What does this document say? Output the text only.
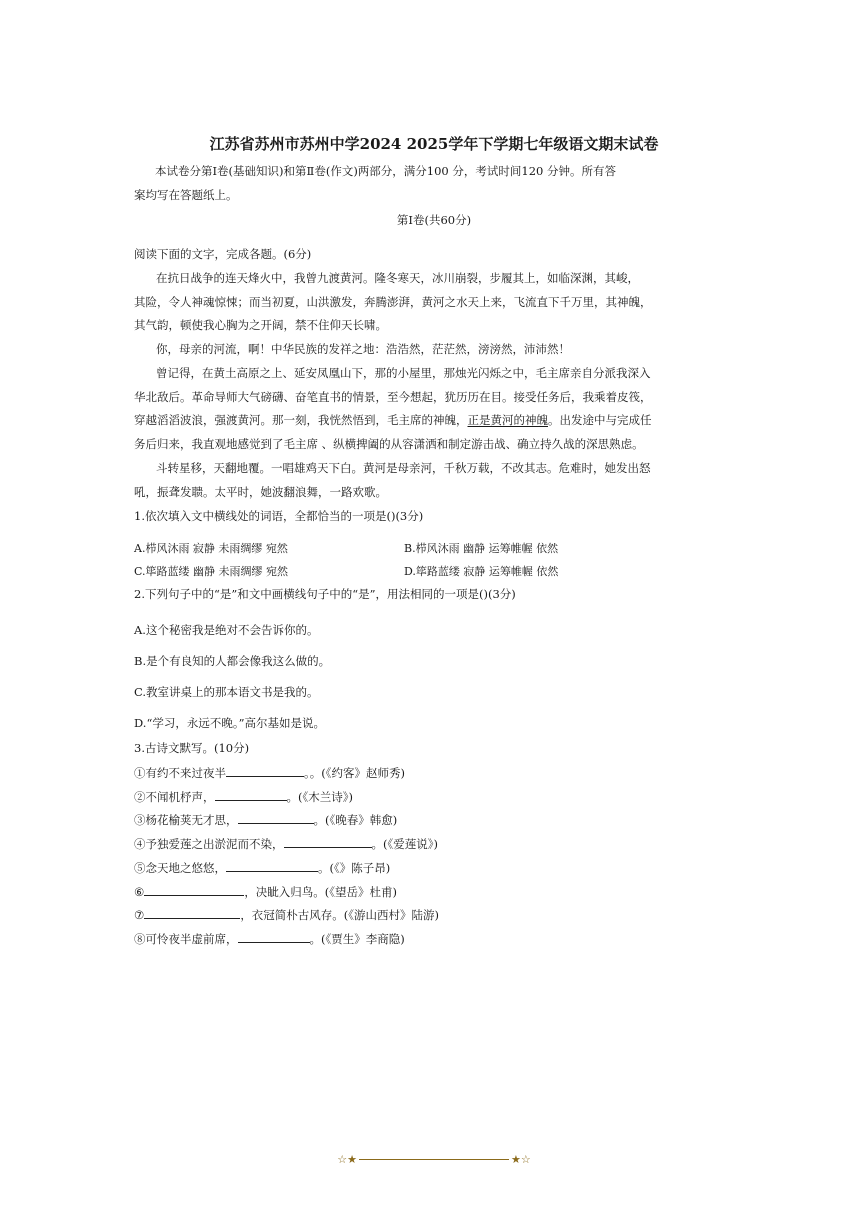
江苏省苏州市苏州中学2024 2025学年下学期七年级语文期末试卷
本试卷分第Ⅰ卷(基础知识)和第Ⅱ卷(作文)两部分，满分100 分，考试时间120 分钟。所有答
案均写在答题纸上。
第Ⅰ卷(共60分)
阅读下面的文字，完成各题。(6分)
在抗日战争的连天烽火中，我曾九渡黄河。隆冬寒天，冰川崩裂，步履其上，如临深渊，其峻，
其险，令人神魂惊悚；而当初夏，山洪激发，奔腾澎湃，黄河之水天上来，飞流直下千万里，其神魄，
其气韵，顿使我心胸为之开阔，禁不住仰天长啸。
你，母亲的河流，啊！中华民族的发祥之地：浩浩然，茫茫然，滂滂然，沛沛然！
曾记得，在黄土高原之上、延安凤凰山下，那的小屋里，那烛光闪烁之中，毛主席亲自分派我深入
华北敌后。革命导师大气磅礴、奋笔直书的情景，至今想起，犹历历在目。接受任务后，我乘着皮筏，
穿越滔滔波浪，强渡黄河。那一刻，我恍然悟到，毛主席的神魄，正是黄河的神魄。出发途中与完成任
务后归来，我直观地感觉到了毛主席 、纵横捭阖的从容潇洒和制定游击战、确立持久战的深思熟虑。
斗转星移，天翻地覆。一唱雄鸡天下白。黄河是母亲河，千秋万载，不改其志。危难时，她发出怒
吼，振聋发聩。太平时，她波翻浪舞，一路欢歌。
1.依次填入文中横线处的词语，全都恰当的一项是()(3分)
A.栉风沐雨 寂静 未雨绸缪 宛然	B.栉风沐雨 幽静 运筹帷幄 依然
C.筚路蓝缕 幽静 未雨绸缪 宛然	D.筚路蓝缕 寂静 运筹帷幄 依然
2.下列句子中的“是”和文中画横线句子中的“是”，用法相同的一项是()(3分)
A.这个秘密我是绝对不会告诉你的。
B.是个有良知的人都会像我这么做的。
C.教室讲桌上的那本语文书是我的。
D.“学习，永远不晚。”高尔基如是说。
3.古诗文默写。(10分)
①有约不来过夜半	。。(《约客》赵师秀)
②不闻机杼声，	。(《木兰诗》)
③杨花榆荚无才思，	。(《晚春》韩愈)
④予独爱莲之出淤泥而不染，	。(《爱莲说》)
⑤念天地之悠悠，	。(《》陈子昂)
⑥	，决眦入归鸟。(《望岳》杜甫)
⑦	，衣冠简朴古风存。(《游山西村》陆游)
⑧可怜夜半虚前席，	。(《贾生》李商隐)
☆★	★☆
